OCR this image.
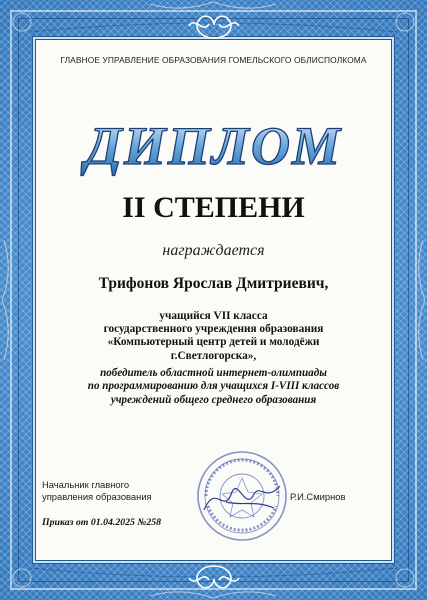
ГЛАВНОЕ УПРАВЛЕНИЕ ОБРАЗОВАНИЯ ГОМЕЛЬСКОГО ОБЛИСПОЛКОМА
ДИПЛОМ
II СТЕПЕНИ
награждается
Трифонов Ярослав Дмитриевич,
учащийся VII класса
государственного учреждения образования
«Компьютерный центр детей и молодёжи
г.Светлогорска»,
победитель областной интернет-олимпиады
по программированию для учащихся I-VIII классов
учреждений общего среднего образования
Начальник главного
управления образования	Р.И.Смирнов
Приказ от 01.04.2025 №258
